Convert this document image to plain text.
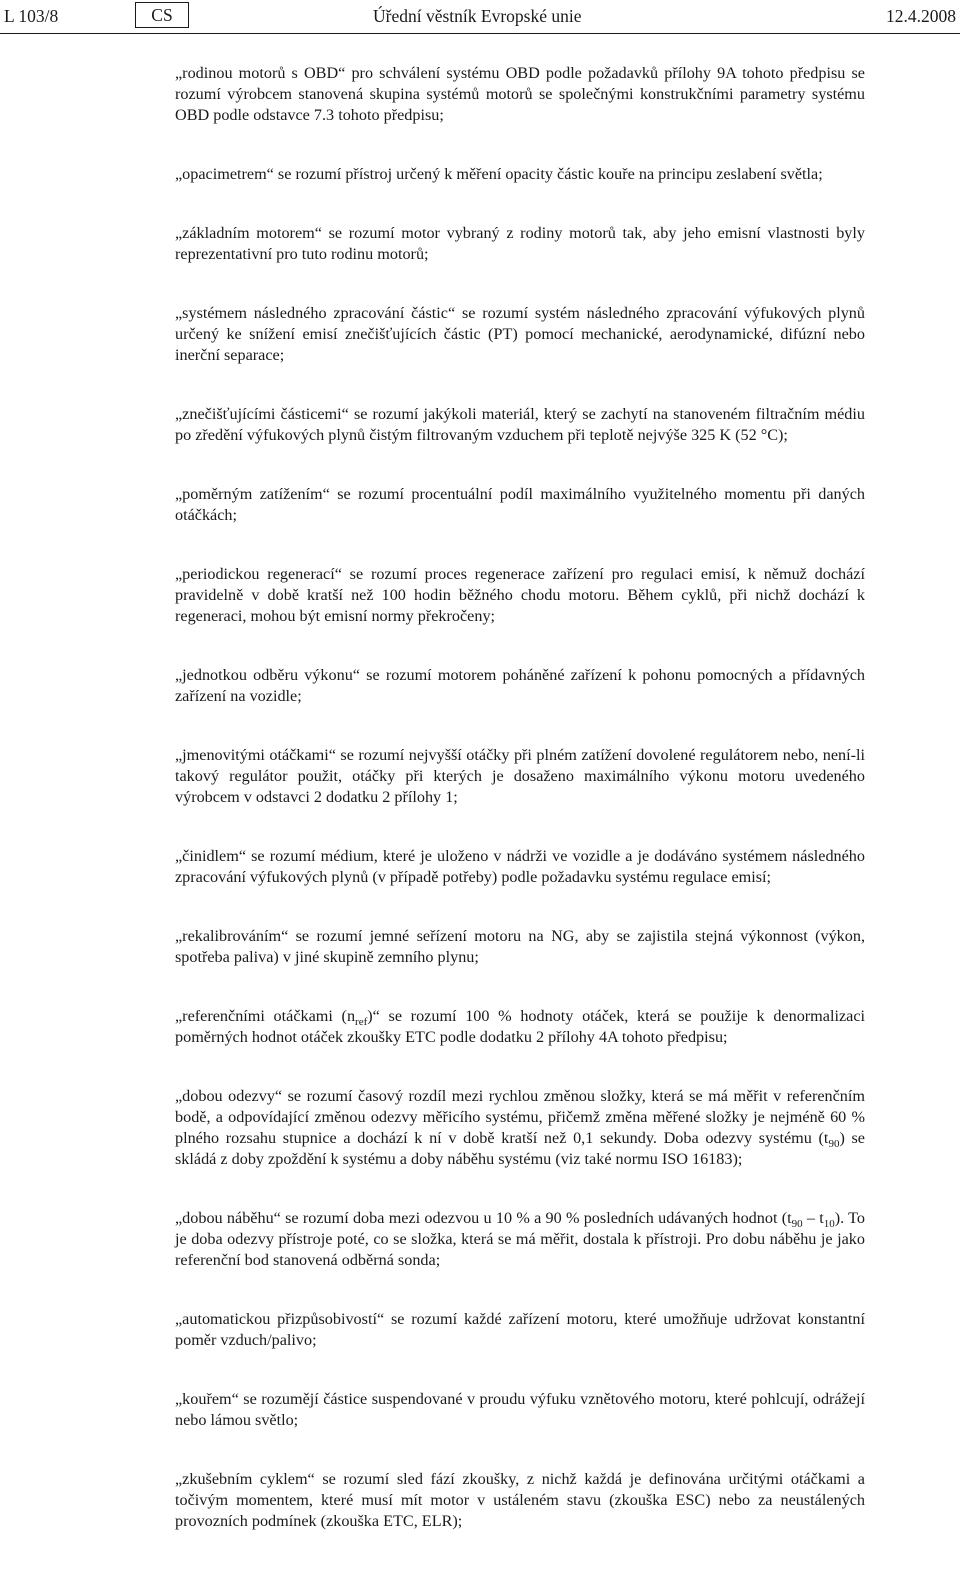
L 103/8	CS	Úřední věstník Evropské unie	12.4.2008

„rodinou motorů s OBD“ pro schválení systému OBD podle požadavků přílohy 9A tohoto předpisu se rozumí výrobcem stanovená skupina systémů motorů se společnými konstrukčními parametry systému OBD podle odstavce 7.3 tohoto předpisu;

„opacimetrem“ se rozumí přístroj určený k měření opacity částic kouře na principu zeslabení světla;

„základním motorem“ se rozumí motor vybraný z rodiny motorů tak, aby jeho emisní vlastnosti byly reprezentativní pro tuto rodinu motorů;

„systémem následného zpracování částic“ se rozumí systém následného zpracování výfukových plynů určený ke snížení emisí znečišťujících částic (PT) pomocí mechanické, aerodynamické, difúzní nebo inerční separace;

„znečišťujícími částicemi“ se rozumí jakýkoli materiál, který se zachytí na stanoveném filtračním médiu po zředění výfukových plynů čistým filtrovaným vzduchem při teplotě nejvýše 325 K (52 °C);

„poměrným zatížením“ se rozumí procentuální podíl maximálního využitelného momentu při daných otáčkách;

„periodickou regenerací“ se rozumí proces regenerace zařízení pro regulaci emisí, k němuž dochází pravidelně v době kratší než 100 hodin běžného chodu motoru. Během cyklů, při nichž dochází k regeneraci, mohou být emisní normy překročeny;

„jednotkou odběru výkonu“ se rozumí motorem poháněné zařízení k pohonu pomocných a přídavných zařízení na vozidle;

„jmenovitými otáčkami“ se rozumí nejvyšší otáčky při plném zatížení dovolené regulátorem nebo, není-li takový regulátor použit, otáčky při kterých je dosaženo maximálního výkonu motoru uvedeného výrobcem v odstavci 2 dodatku 2 přílohy 1;

„činidlem“ se rozumí médium, které je uloženo v nádrži ve vozidle a je dodáváno systémem následného zpracování výfukových plynů (v případě potřeby) podle požadavku systému regulace emisí;

„rekalibrováním“ se rozumí jemné seřízení motoru na NG, aby se zajistila stejná výkonnost (výkon, spotřeba paliva) v jiné skupině zemního plynu;

„referenčními otáčkami $(n_{ref})“$ se rozumí 100 % hodnoty otáček, která se použije k denormalizaci poměrných hodnot otáček zkoušky ETC podle dodatku 2 přílohy 4A tohoto předpisu;

„dobou odezvy“ se rozumí časový rozdíl mezi rychlou změnou složky, která se má měřit v referenčním bodě, a odpovídající změnou odezvy měřicího systému, přičemž změna měřené složky je nejméně 60 % plného rozsahu stupnice a dochází k ní v době kratší než 0,1 sekundy. Doba odezvy systému $(t_{90})$ se skládá z doby zpoždění k systému a doby náběhu systému (viz také normu ISO 16183);

„dobou náběhu“ se rozumí doba mezi odezvou u 10 % a 90 % posledních udávaných hodnot $(t_{90} - t_{10})$. To je doba odezvy přístroje poté, co se složka, která se má měřit, dostala k přístroji. Pro dobu náběhu je jako referenční bod stanovená odběrná sonda;

„automatickou přizpůsobivostí“ se rozumí každé zařízení motoru, které umožňuje udržovat konstantní poměr vzduch/palivo;

„kouřem“ se rozumějí částice suspendované v proudu výfuku vznětového motoru, které pohlcují, odrážejí nebo lámou světlo;

„zkušebním cyklem“ se rozumí sled fází zkoušky, z nichž každá je definována určitými otáčkami a točivým momentem, které musí mít motor v ustáleném stavu (zkouška ESC) nebo za neustálených provozních podmínek (zkouška ETC, ELR);
